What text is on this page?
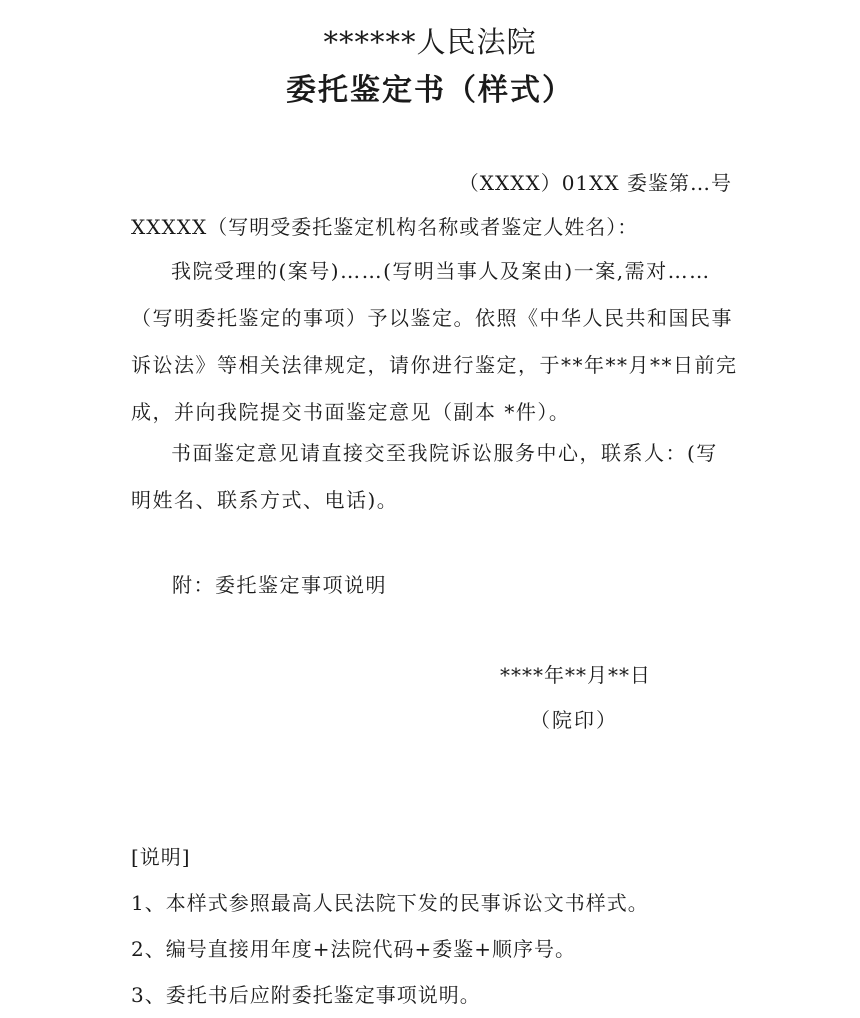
******人民法院
委托鉴定书（样式）
（XXXX）01XX 委鉴第…号
XXXXX（写明受委托鉴定机构名称或者鉴定人姓名）：
我院受理的(案号)……(写明当事人及案由)一案,需对……
（写明委托鉴定的事项）予以鉴定。依照《中华人民共和国民事
诉讼法》等相关法律规定，请你进行鉴定，于**年**月**日前完
成，并向我院提交书面鉴定意见（副本 *件）。
书面鉴定意见请直接交至我院诉讼服务中心，联系人：(写
明姓名、联系方式、电话)。
附：委托鉴定事项说明
****年**月**日
（院印）
[说明]
1、本样式参照最高人民法院下发的民事诉讼文书样式。
2、编号直接用年度+法院代码+委鉴+顺序号。
3、委托书后应附委托鉴定事项说明。
